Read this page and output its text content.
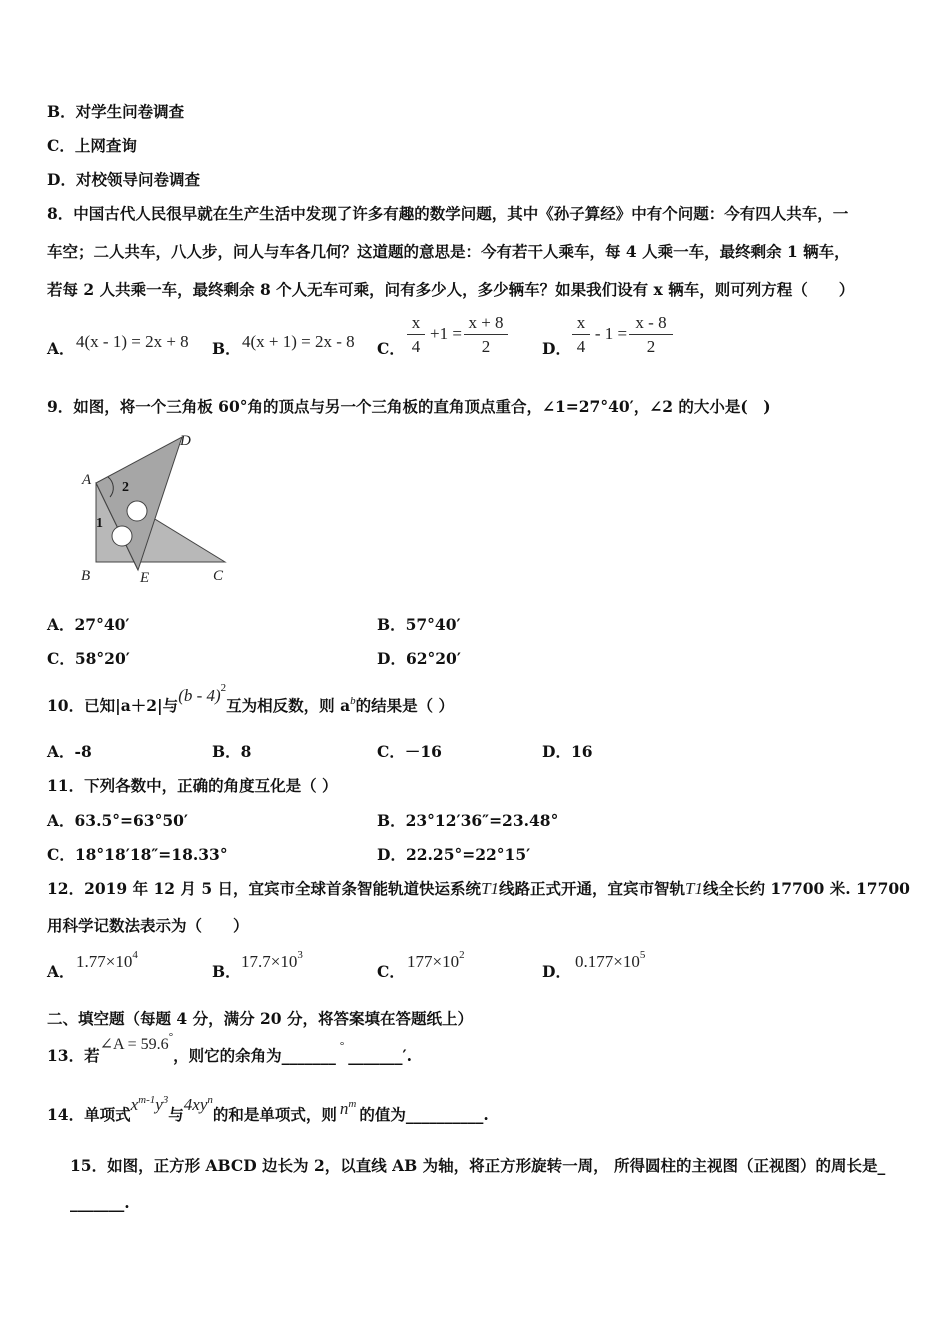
B．对学生问卷调查
C．上网查询
D．对校领导问卷调查
8．中国古代人民很早就在生产生活中发现了许多有趣的数学问题，其中《孙子算经》中有个问题：今有四人共车，一
车空；二人共车，八人步，问人与车各几何？这道题的意思是：今有若干人乘车，每 4 人乘一车，最终剩余 1 辆车，
若每 2 人共乘一车，最终剩余 8 个人无车可乘，问有多少人，多少辆车？如果我们设有 x 辆车，则可列方程（　　）
A． 4(x - 1) = 2x + 8 B． 4(x + 1) = 2x - 8 C．
x
4
+1 =
x + 8
2	D．
x
4
- 1 =
x - 8
2
9．如图，将一个三角板 60°角的顶点与另一个三角板的直角顶点重合，∠1=27°40′，∠2 的大小是(　)
D
A
B	E	C
1
2
A．27°40′	B．57°40′
C．58°20′	D．62°20′
10．已知|a＋2|与(b - 4)$^2$互为相反数，则 $a^b$的结果是（ ）
A．-8	B．8	C．－16	D．16
11．下列各数中，正确的角度互化是（ ）
A．63.5°=63°50′	B．23°12′36″=23.48°
C．18°18′18″=18.33°	D．22.25°=22°15′
12．2019 年 12 月 5 日，宜宾市全球首条智能轨道快运系统T1线路正式开通，宜宾市智轨T1线全长约 17700 米. 17700
用科学记数法表示为（　　）
A．
$1.77\times 10^4$
B．
$17.7\times 10^3$
C．
$177\times 10^2$
D．
$0.177\times 10^5$
二、填空题（每题 4 分，满分 20 分，将答案填在答题纸上）
13．若∠A = 59.6°，则它的余角为_______ ° _______′.
14．单项式$x^{m-1}y^3$与$4xy^n$的和是单项式，则 $n^m$的值为__________.
15．如图，正方形 ABCD 边长为 2，以直线 AB 为轴，将正方形旋转一周， 所得圆柱的主视图（正视图）的周长是_
_______.
